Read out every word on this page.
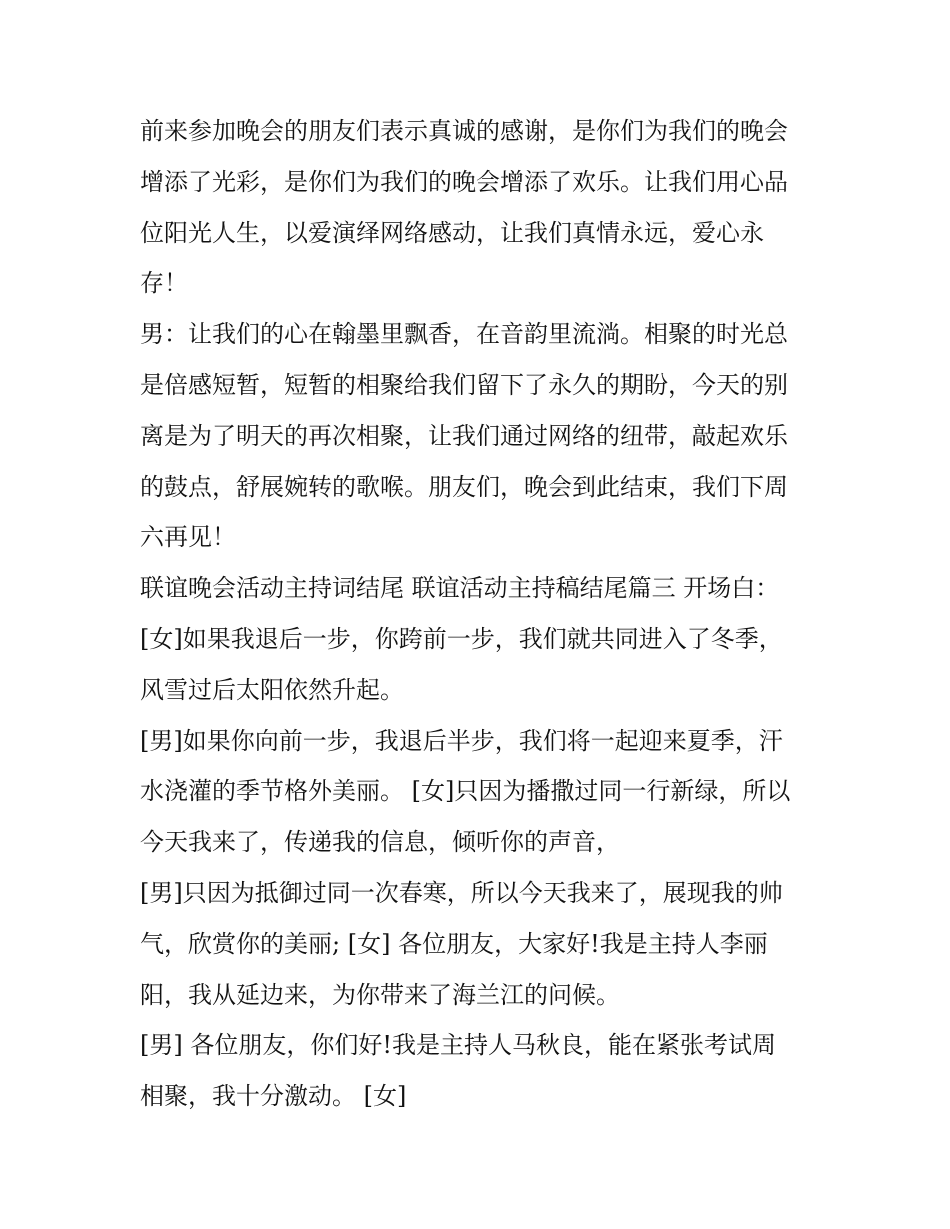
前来参加晚会的朋友们表示真诚的感谢，是你们为我们的晚会
增添了光彩，是你们为我们的晚会增添了欢乐。让我们用心品
位阳光人生，以爱演绎网络感动，让我们真情永远，爱心永
存！
男：让我们的心在翰墨里飘香，在音韵里流淌。相聚的时光总
是倍感短暂，短暂的相聚给我们留下了永久的期盼，今天的别
离是为了明天的再次相聚，让我们通过网络的纽带，敲起欢乐
的鼓点，舒展婉转的歌喉。朋友们，晚会到此结束，我们下周
六再见！
联谊晚会活动主持词结尾 联谊活动主持稿结尾篇三 开场白：
[女]如果我退后一步，你跨前一步，我们就共同进入了冬季，
风雪过后太阳依然升起。
[男]如果你向前一步，我退后半步，我们将一起迎来夏季，汗
水浇灌的季节格外美丽。 [女]只因为播撒过同一行新绿，所以
今天我来了，传递我的信息，倾听你的声音，
[男]只因为抵御过同一次春寒，所以今天我来了，展现我的帅
气，欣赏你的美丽; [女] 各位朋友，大家好!我是主持人李丽
阳，我从延边来，为你带来了海兰江的问候。
[男] 各位朋友，你们好!我是主持人马秋良，能在紧张考试周
相聚，我十分激动。 [女]
